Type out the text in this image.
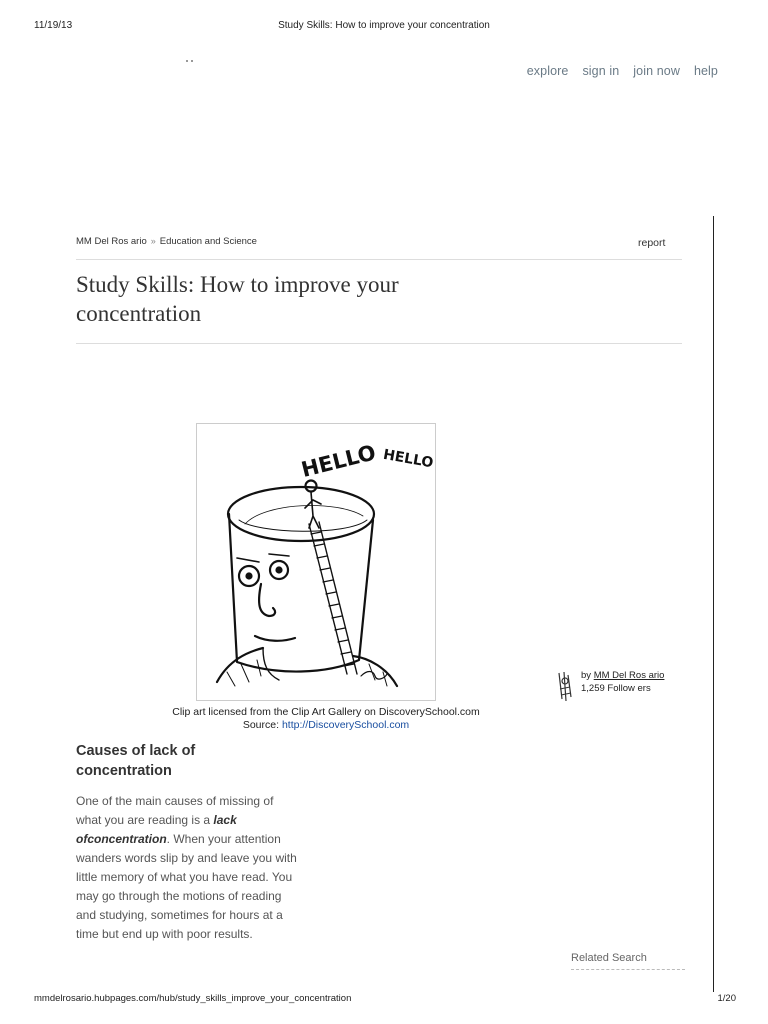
11/19/13	Study Skills: How to improve your concentration
explore sign in join now help
MM Del Ros ario » Education and Science	report
Study Skills: How to improve your concentration
HELLO HELLO
Clip art licensed from the Clip Art Gallery on DiscoverySchool.com
Source: http://DiscoverySchool.com
by MM Del Ros ario
1,259 Follow ers
Causes of lack of concentration

One of the main causes of missing of what you are reading is a lack ofconcentration. When your attention wanders words slip by and leave you with little memory of what you have read. You may go through the motions of reading and studying, sometimes for hours at a time but end up with poor results.

Related Search
mmdelrosario.hubpages.com/hub/study_skills_improve_your_concentration	1/20
